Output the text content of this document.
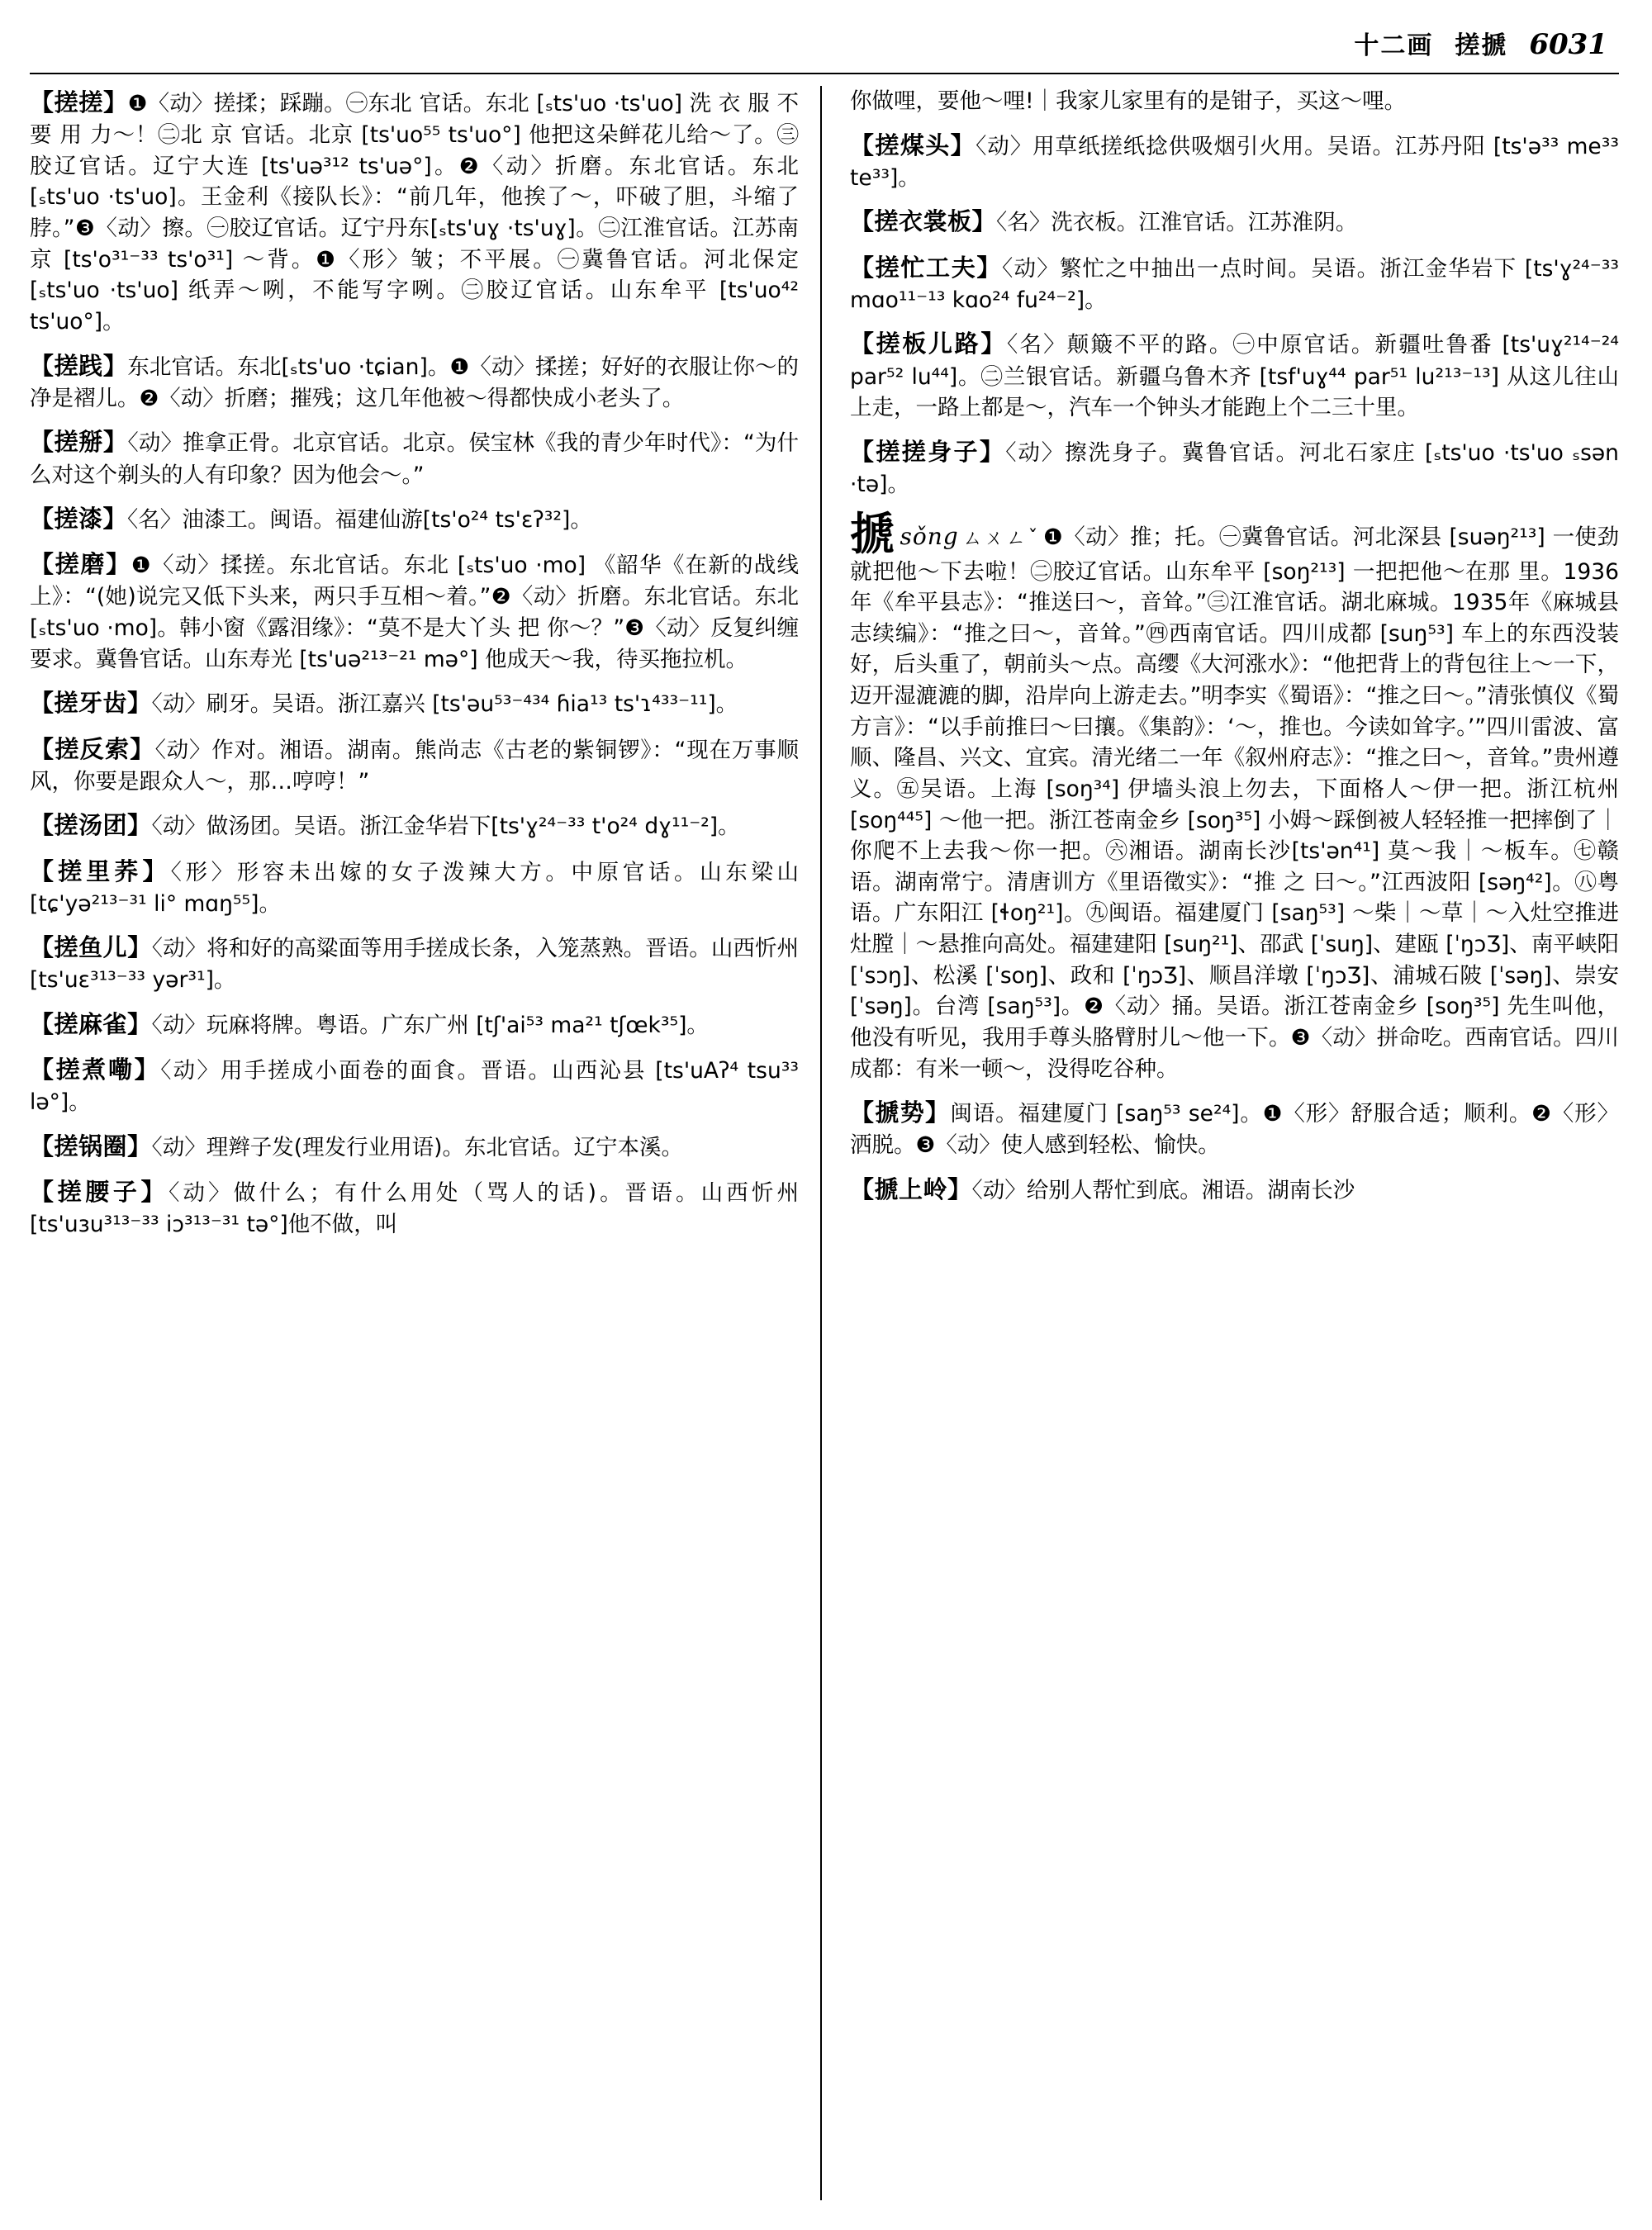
十二画 搓搋 6031
【搓搓】❶〈动〉搓揉；踩蹦。㊀东北 官话。东北 [ₛts'uo ·ts'uo] 洗 衣 服 不 要 用 力～！㊁北 京 官话。北京 [ts'uo⁵⁵ ts'uo°] 他把这朵鲜花儿给～了。㊂胶辽官话。辽宁大连 [ts'uə³¹² ts'uə°]。❷〈动〉折磨。东北官话。东北 [ₛts'uo ·ts'uo]。王金利《接队长》：“前几年，他挨了～，吓破了胆，斗缩了脖。”❸〈动〉擦。㊀胶辽官话。辽宁丹东[ₛts'uɣ ·ts'uɣ]。㊁江淮官话。江苏南京 [ts'o³¹⁻³³ ts'o³¹] ～背。❶〈形〉皱；不平展。㊀冀鲁官话。河北保定[ₛts'uo ·ts'uo] 纸弄～咧，不能写字咧。㊁胶辽官话。山东牟平 [ts'uo⁴² ts'uo°]。
【搓践】东北官话。东北[ₛts'uo ·tɕian]。❶〈动〉揉搓；好好的衣服让你～的净是褶儿。❷〈动〉折磨；摧残；这几年他被～得都快成小老头了。
【搓掰】〈动〉推拿正骨。北京官话。北京。侯宝林《我的青少年时代》：“为什么对这个剃头的人有印象？因为他会～。”
【搓漆】〈名〉油漆工。闽语。福建仙游[ts'o²⁴ ts'ɛʔ³²]。
【搓磨】❶〈动〉揉搓。东北官话。东北 [ₛts'uo ·mo] 《韶华《在新的战线上》：“(她)说完又低下头来，两只手互相～着。”❷〈动〉折磨。东北官话。东北 [ₛts'uo ·mo]。韩小窗《露泪缘》：“莫不是大丫头 把 你～？”❸〈动〉反复纠缠要求。冀鲁官话。山东寿光 [ts'uə²¹³⁻²¹ mə°] 他成天～我，待买拖拉机。
【搓牙齿】〈动〉刷牙。吴语。浙江嘉兴 [ts'əu⁵³⁻⁴³⁴ ɦia¹³ ts'ɿ⁴³³⁻¹¹]。
【搓反索】〈动〉作对。湘语。湖南。熊尚志《古老的紫铜锣》：“现在万事顺风，你要是跟众人～，那…哼哼！”
【搓汤团】〈动〉做汤团。吴语。浙江金华岩下[ts'ɣ²⁴⁻³³ t'o²⁴ dɣ¹¹⁻²]。
【搓里荞】〈形〉形容未出嫁的女子泼辣大方。中原官话。山东梁山 [tɕ'yə²¹³⁻³¹ li° mɑŋ⁵⁵]。
【搓鱼儿】〈动〉将和好的高粱面等用手搓成长条，入笼蒸熟。晋语。山西忻州 [ts'uɛ³¹³⁻³³ yər³¹]。
【搓麻雀】〈动〉玩麻将牌。粤语。广东广州 [tʃ'ai⁵³ ma²¹ tʃœk³⁵]。
【搓煮嘞】〈动〉用手搓成小面卷的面食。晋语。山西沁县 [ts'uAʔ⁴ tsu³³ lə°]。
【搓锅圈】〈动〉理辫子发(理发行业用语)。东北官话。辽宁本溪。
【搓腰子】〈动〉做什么；有什么用处（骂人的话)。晋语。山西忻州 [ts'uɜu³¹³⁻³³ iɔ³¹³⁻³¹ tə°]他不做，叫
你做哩，要他～哩!｜我家儿家里有的是钳子，买这～哩。
【搓煤头】〈动〉用草纸搓纸捻供吸烟引火用。吴语。江苏丹阳 [ts'ə³³ me³³ te³³]。
【搓衣裳板】〈名〉洗衣板。江淮官话。江苏淮阴。
【搓忙工夫】〈动〉繁忙之中抽出一点时间。吴语。浙江金华岩下 [ts'ɣ²⁴⁻³³ mɑo¹¹⁻¹³ kɑo²⁴ fu²⁴⁻²]。
【搓板儿路】〈名〉颠簸不平的路。㊀中原官话。新疆吐鲁番 [ts'uɣ²¹⁴⁻²⁴ par⁵² lu⁴⁴]。㊁兰银官话。新疆乌鲁木齐 [tsf'uɣ⁴⁴ par⁵¹ lu²¹³⁻¹³] 从这儿往山上走，一路上都是～，汽车一个钟头才能跑上个二三十里。
【搓搓身子】〈动〉擦洗身子。冀鲁官话。河北石家庄 [ₛts'uo ·ts'uo ₛsən ·tə]。
搋sǒng ㄙㄨㄥˇ ❶〈动〉推；托。㊀冀鲁官话。河北深县 [suəŋ²¹³] 一使劲就把他～下去啦！㊁胶辽官话。山东牟平 [soŋ²¹³] 一把把他～在那 里。1936年《牟平县志》：“推送曰～，音耸。”㊂江淮官话。湖北麻城。1935年《麻城县志续编》：“推之曰～，音耸。”㊃西南官话。四川成都 [suŋ⁵³] 车上的东西没装好，后头重了，朝前头～点。高缨《大河涨水》：“他把背上的背包往上～一下，迈开湿漉漉的脚，沿岸向上游走去。”明李实《蜀语》：“推之曰～。”清张慎仪《蜀方言》：“以手前推曰～曰攘。《集韵》：‘～，推也。今读如耸字。’”四川雷波、富顺、隆昌、兴文、宜宾。清光绪二一年《叙州府志》：“推之曰～，音耸。”贵州遵义。㊄吴语。上海 [soŋ³⁴] 伊墙头浪上勿去，下面格人～伊一把。浙江杭州 [soŋ⁴⁴⁵] ～他一把。浙江苍南金乡 [soŋ³⁵] 小姆～踩倒被人轻轻推一把摔倒了｜你爬不上去我～你一把。㊅湘语。湖南长沙[ts'ən⁴¹] 莫～我｜～板车。㊆赣语。湖南常宁。清唐训方《里语徵实》：“推 之 曰～。”江西波阳 [səŋ⁴²]。㊇粤语。广东阳江 [ɬoŋ²¹]。㊈闽语。福建厦门 [saŋ⁵³] ～柴｜～草｜～入灶空推进灶膛｜～悬推向高处。福建建阳 [suŋ²¹]、邵武 [ˈsuŋ]、建瓯 [ˈŋɔƷ]、南平峡阳 [ˈsɔŋ]、松溪 [ˈsoŋ]、政和 [ˈŋɔƷ]、顺昌洋墩 [ˈŋɔƷ]、浦城石陂 [ˈsəŋ]、崇安 [ˈsəŋ]。台湾 [saŋ⁵³]。❷〈动〉捅。吴语。浙江苍南金乡 [soŋ³⁵] 先生叫他，他没有听见，我用手尊头胳臂肘儿～他一下。❸〈动〉拼命吃。西南官话。四川成都：有米一顿～，没得吃谷种。
【搋势】闽语。福建厦门 [saŋ⁵³ se²⁴]。❶〈形〉舒服合适；顺利。❷〈形〉洒脱。❸〈动〉使人感到轻松、愉快。
【搋上岭】〈动〉给别人帮忙到底。湘语。湖南长沙
